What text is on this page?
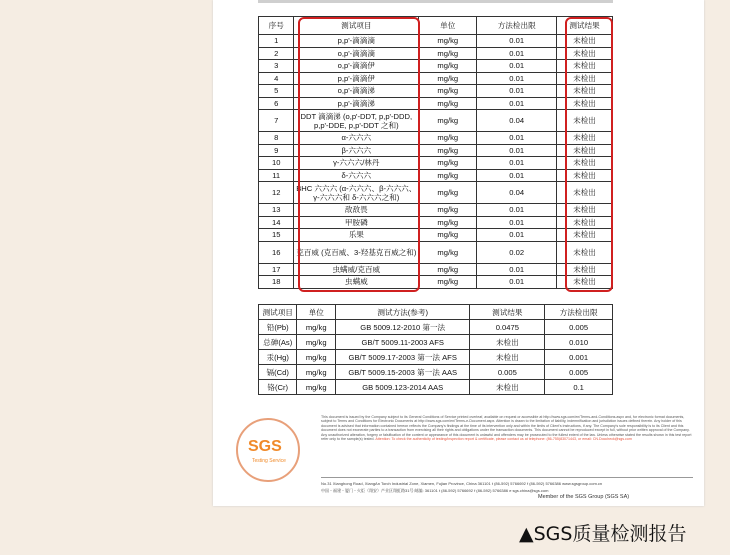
序号	测试项目	单位	方法检出限	测试结果
1	p,p'-滴滴滴	mg/kg	0.01	未检出
2	o,p'-滴滴滴	mg/kg	0.01	未检出
3	o,p'-滴滴伊	mg/kg	0.01	未检出
4	p,p'-滴滴伊	mg/kg	0.01	未检出
5	o,p'-滴滴涕	mg/kg	0.01	未检出
6	p,p'-滴滴涕	mg/kg	0.01	未检出
7	DDT 滴滴涕 (o,p'-DDT, p,p'-DDD, p,p'-DDE, p,p'-DDT 之和)	mg/kg	0.04	未检出
8	α-六六六	mg/kg	0.01	未检出
9	β-六六六	mg/kg	0.01	未检出
10	γ-六六六/林丹	mg/kg	0.01	未检出
11	δ-六六六	mg/kg	0.01	未检出
12	BHC 六六六 (α-六六六、β-六六六、γ-六六六和 δ-六六六之和)	mg/kg	0.04	未检出
13	敌敌畏	mg/kg	0.01	未检出
14	甲胺磷	mg/kg	0.01	未检出
15	乐果	mg/kg	0.01	未检出
16	克百威 (克百威、3-羟基克百威之和)	mg/kg	0.02	未检出
17	虫螨威/克百威	mg/kg	0.01	未检出
18	虫螨威	mg/kg	0.01	未检出
测试项目	单位	测试方法(参考)	测试结果	方法检出限
铅(Pb)	mg/kg	GB 5009.12-2010 第一法	0.0475	0.005
总砷(As)	mg/kg	GB/T 5009.11-2003 AFS	未检出	0.010
汞(Hg)	mg/kg	GB/T 5009.17-2003 第一法 AFS	未检出	0.001
镉(Cd)	mg/kg	GB/T 5009.15-2003 第一法 AAS	0.005	0.005
铬(Cr)	mg/kg	GB 5009.123-2014 AAS	未检出	0.1
SGS
Testing Service
This document is issued by the Company subject to its General Conditions of Service printed overleaf, available on request or accessible at http://www.sgs.com/en/Terms-and-Conditions.aspx and, for electronic format documents, subject to Terms and Conditions for Electronic Documents at http://www.sgs.com/en/Terms-e-Document.aspx. Attention is drawn to the limitation of liability, indemnification and jurisdiction issues defined therein. Any holder of this document is advised that information contained hereon reflects the Company's findings at the time of its intervention only and within the limits of Client's instructions, if any. The Company's sole responsibility is to its Client and this document does not exonerate parties to a transaction from exercising all their rights and obligations under the transaction documents. This document cannot be reproduced except in full, without prior written approval of the Company. Any unauthorized alteration, forgery or falsification of the content or appearance of this document is unlawful and offenders may be prosecuted to the fullest extent of the law. Unless otherwise stated the results shown in this test report refer only to the sample(s) tested. Attention: To check the authenticity of testing/inspection report & certificate, please contact us at telephone: (86-755)83071443, or email: CN.Doccheck@sgs.com
No.31 Xianghong Road, XiangAn Torch Industrial Zone, Xiamen, Fujian Province, China 361101 t (86-592) 5766692 f (86-592) 5766386 www.sgsgroup.com.cn
中国・福建・厦门・火炬（翔安）产业区翔虹路31号 邮编: 361101 t (86-592) 5766692 f (86-592) 5766386 e sgs.china@sgs.com
Member of the SGS Group (SGS SA)
▲SGS质量检测报告
